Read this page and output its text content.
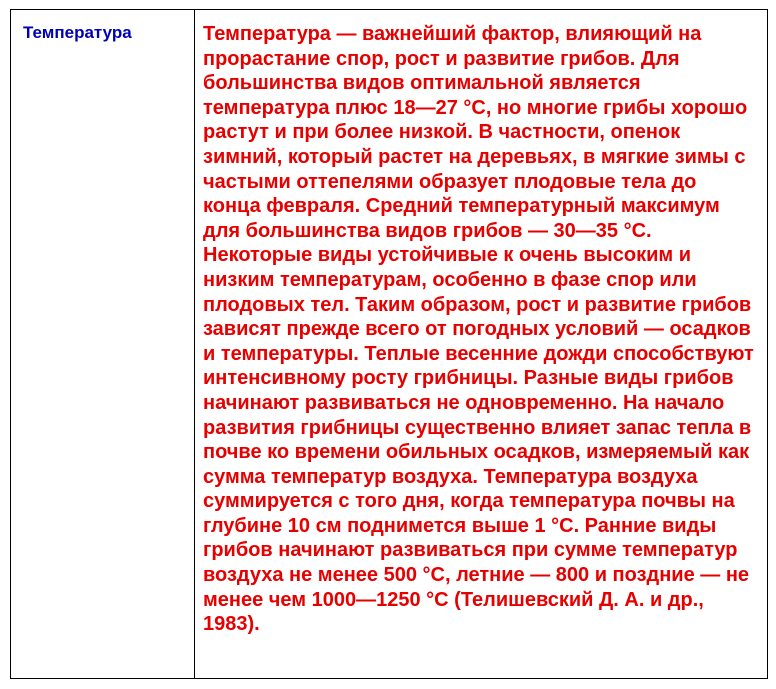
Температура	Температура — важнейший фактор, влияющий на прорастание спор, рост и развитие грибов. Для большинства видов оптимальной является температура плюс 18—27 °C, но многие грибы хорошо растут и при более низкой. В частности, опенок зимний, который растет на деревьях, в мягкие зимы с частыми оттепелями образует плодовые тела до конца февраля. Средний температурный максимум для большинства видов грибов — 30—35 °C. Некоторые виды устойчивые к очень высоким и низким температурам, особенно в фазе спор или плодовых тел. Таким образом, рост и развитие грибов зависят прежде всего от погодных условий — осадков и температуры. Теплые весенние дожди способствуют интенсивному росту грибницы. Разные виды грибов начинают развиваться не одновременно. На начало развития грибницы существенно влияет запас тепла в почве ко времени обильных осадков, измеряемый как сумма температур воздуха. Температура воздуха суммируется с того дня, когда температура почвы на глубине 10 см поднимется выше 1 °C. Ранние виды грибов начинают развиваться при сумме температур воздуха не менее 500 °C, летние — 800 и поздние — не менее чем 1000—1250 °C (Телишевский Д. А. и др., 1983).
